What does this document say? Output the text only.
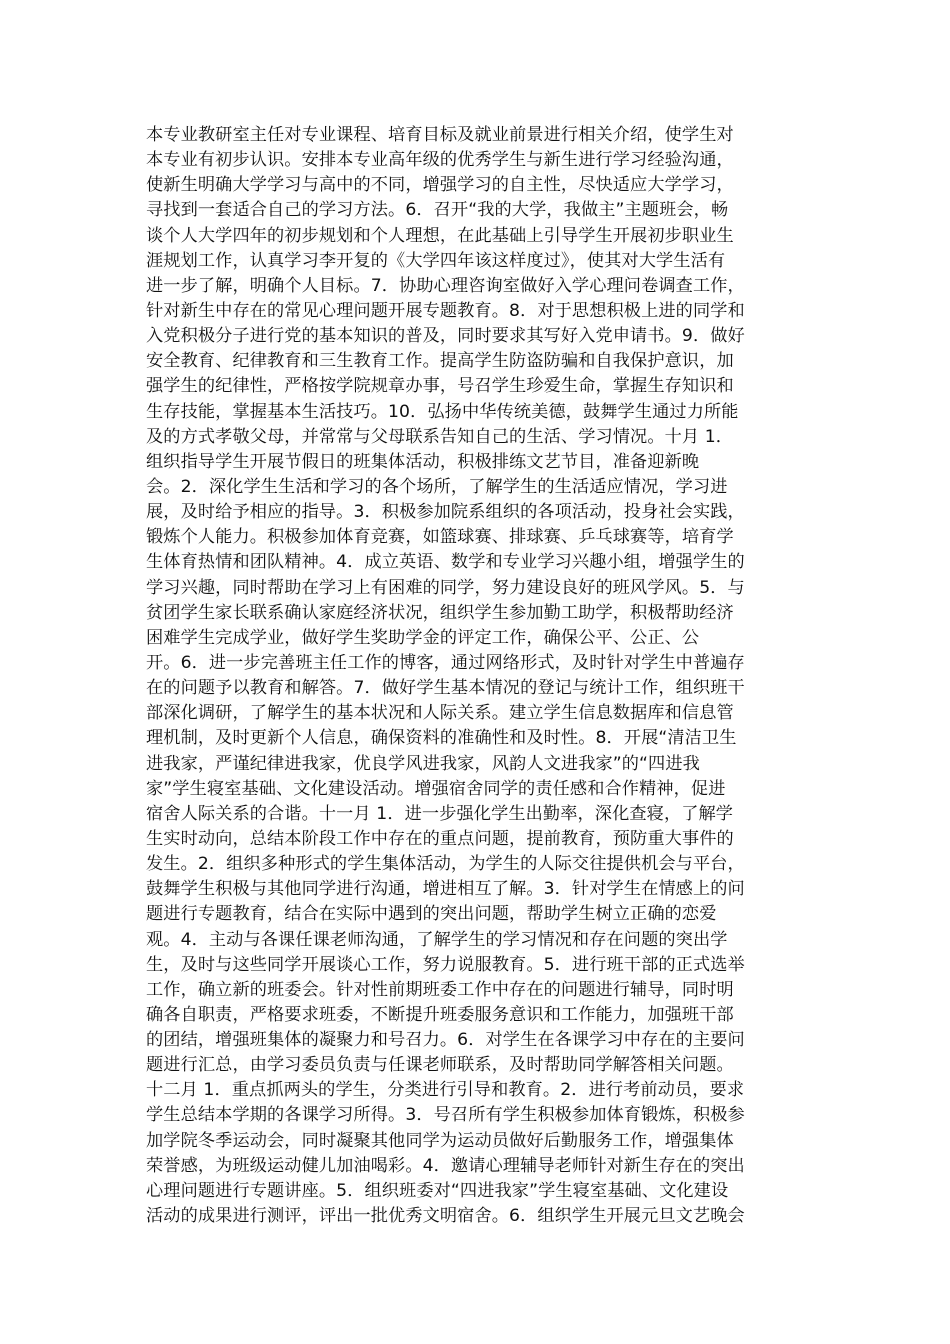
本专业教研室主任对专业课程、培育目标及就业前景进行相关介绍，使学生对
本专业有初步认识。安排本专业高年级的优秀学生与新生进行学习经验沟通，
使新生明确大学学习与高中的不同，增强学习的自主性，尽快适应大学学习，
寻找到一套适合自己的学习方法。6．召开“我的大学，我做主”主题班会，畅
谈个人大学四年的初步规划和个人理想，在此基础上引导学生开展初步职业生
涯规划工作，认真学习李开复的《大学四年该这样度过》，使其对大学生活有
进一步了解，明确个人目标。7．协助心理咨询室做好入学心理问卷调查工作，
针对新生中存在的常见心理问题开展专题教育。8．对于思想积极上进的同学和
入党积极分子进行党的基本知识的普及，同时要求其写好入党申请书。9．做好
安全教育、纪律教育和三生教育工作。提高学生防盗防骗和自我保护意识，加
强学生的纪律性，严格按学院规章办事，号召学生珍爱生命，掌握生存知识和
生存技能，掌握基本生活技巧。10．弘扬中华传统美德，鼓舞学生通过力所能
及的方式孝敬父母，并常常与父母联系告知自己的生活、学习情况。十月 1．
组织指导学生开展节假日的班集体活动，积极排练文艺节目，准备迎新晚
会。2．深化学生生活和学习的各个场所，了解学生的生活适应情况，学习进
展，及时给予相应的指导。3．积极参加院系组织的各项活动，投身社会实践，
锻炼个人能力。积极参加体育竞赛，如篮球赛、排球赛、乒乓球赛等，培育学
生体育热情和团队精神。4．成立英语、数学和专业学习兴趣小组，增强学生的
学习兴趣，同时帮助在学习上有困难的同学，努力建设良好的班风学风。5．与
贫团学生家长联系确认家庭经济状况，组织学生参加勤工助学，积极帮助经济
困难学生完成学业，做好学生奖助学金的评定工作，确保公平、公正、公
开。6．进一步完善班主任工作的博客，通过网络形式，及时针对学生中普遍存
在的问题予以教育和解答。7．做好学生基本情况的登记与统计工作，组织班干
部深化调研，了解学生的基本状况和人际关系。建立学生信息数据库和信息管
理机制，及时更新个人信息，确保资料的准确性和及时性。8．开展“清洁卫生
进我家，严谨纪律进我家，优良学风进我家，风韵人文进我家”的“四进我
家”学生寝室基础、文化建设活动。增强宿舍同学的责任感和合作精神，促进
宿舍人际关系的合谐。十一月 1．进一步强化学生出勤率，深化查寝，了解学
生实时动向，总结本阶段工作中存在的重点问题，提前教育，预防重大事件的
发生。2．组织多种形式的学生集体活动，为学生的人际交往提供机会与平台，
鼓舞学生积极与其他同学进行沟通，增进相互了解。3．针对学生在情感上的问
题进行专题教育，结合在实际中遇到的突出问题，帮助学生树立正确的恋爱
观。4．主动与各课任课老师沟通，了解学生的学习情况和存在问题的突出学
生，及时与这些同学开展谈心工作，努力说服教育。5．进行班干部的正式选举
工作，确立新的班委会。针对性前期班委工作中存在的问题进行辅导，同时明
确各自职责，严格要求班委，不断提升班委服务意识和工作能力，加强班干部
的团结，增强班集体的凝聚力和号召力。6．对学生在各课学习中存在的主要问
题进行汇总，由学习委员负责与任课老师联系，及时帮助同学解答相关问题。
十二月 1．重点抓两头的学生，分类进行引导和教育。2．进行考前动员，要求
学生总结本学期的各课学习所得。3．号召所有学生积极参加体育锻炼，积极参
加学院冬季运动会，同时凝聚其他同学为运动员做好后勤服务工作，增强集体
荣誉感，为班级运动健儿加油喝彩。4．邀请心理辅导老师针对新生存在的突出
心理问题进行专题讲座。5．组织班委对“四进我家”学生寝室基础、文化建设
活动的成果进行测评，评出一批优秀文明宿舍。6．组织学生开展元旦文艺晚会
